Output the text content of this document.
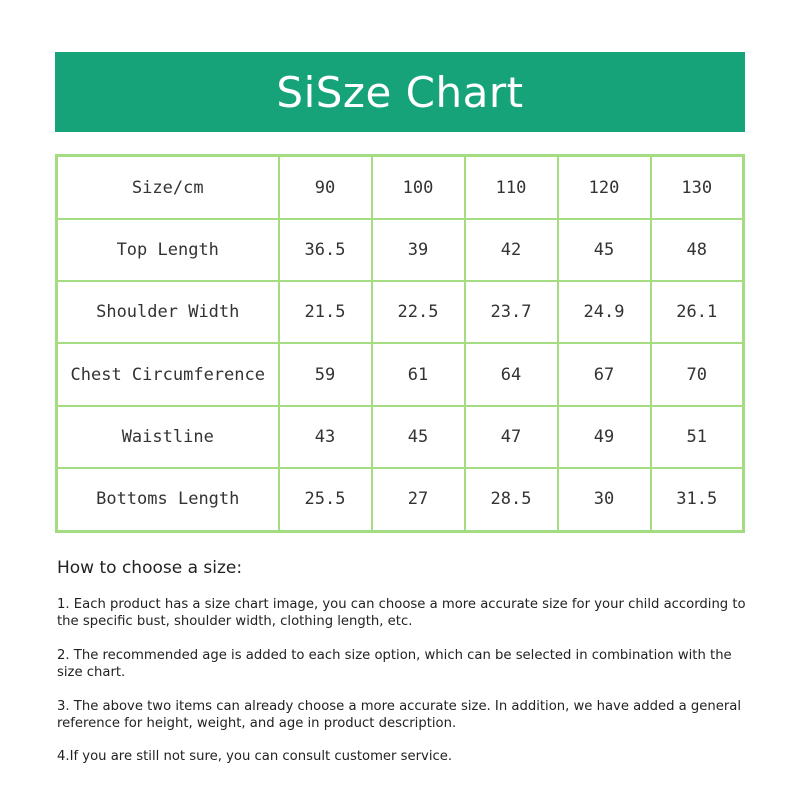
SiSze Chart
Size/cm	90	100	110	120	130
Top Length	36.5	39	42	45	48
Shoulder Width	21.5	22.5	23.7	24.9	26.1
Chest Circumference	59	61	64	67	70
Waistline	43	45	47	49	51
Bottoms Length	25.5	27	28.5	30	31.5
How to choose a size:

1. Each product has a size chart image, you can choose a more accurate size for your child according to the specific bust, shoulder width, clothing length, etc.

2. The recommended age is added to each size option, which can be selected in combination with the size chart.

3. The above two items can already choose a more accurate size. In addition, we have added a general reference for height, weight, and age in product description.

4.If you are still not sure, you can consult customer service.
